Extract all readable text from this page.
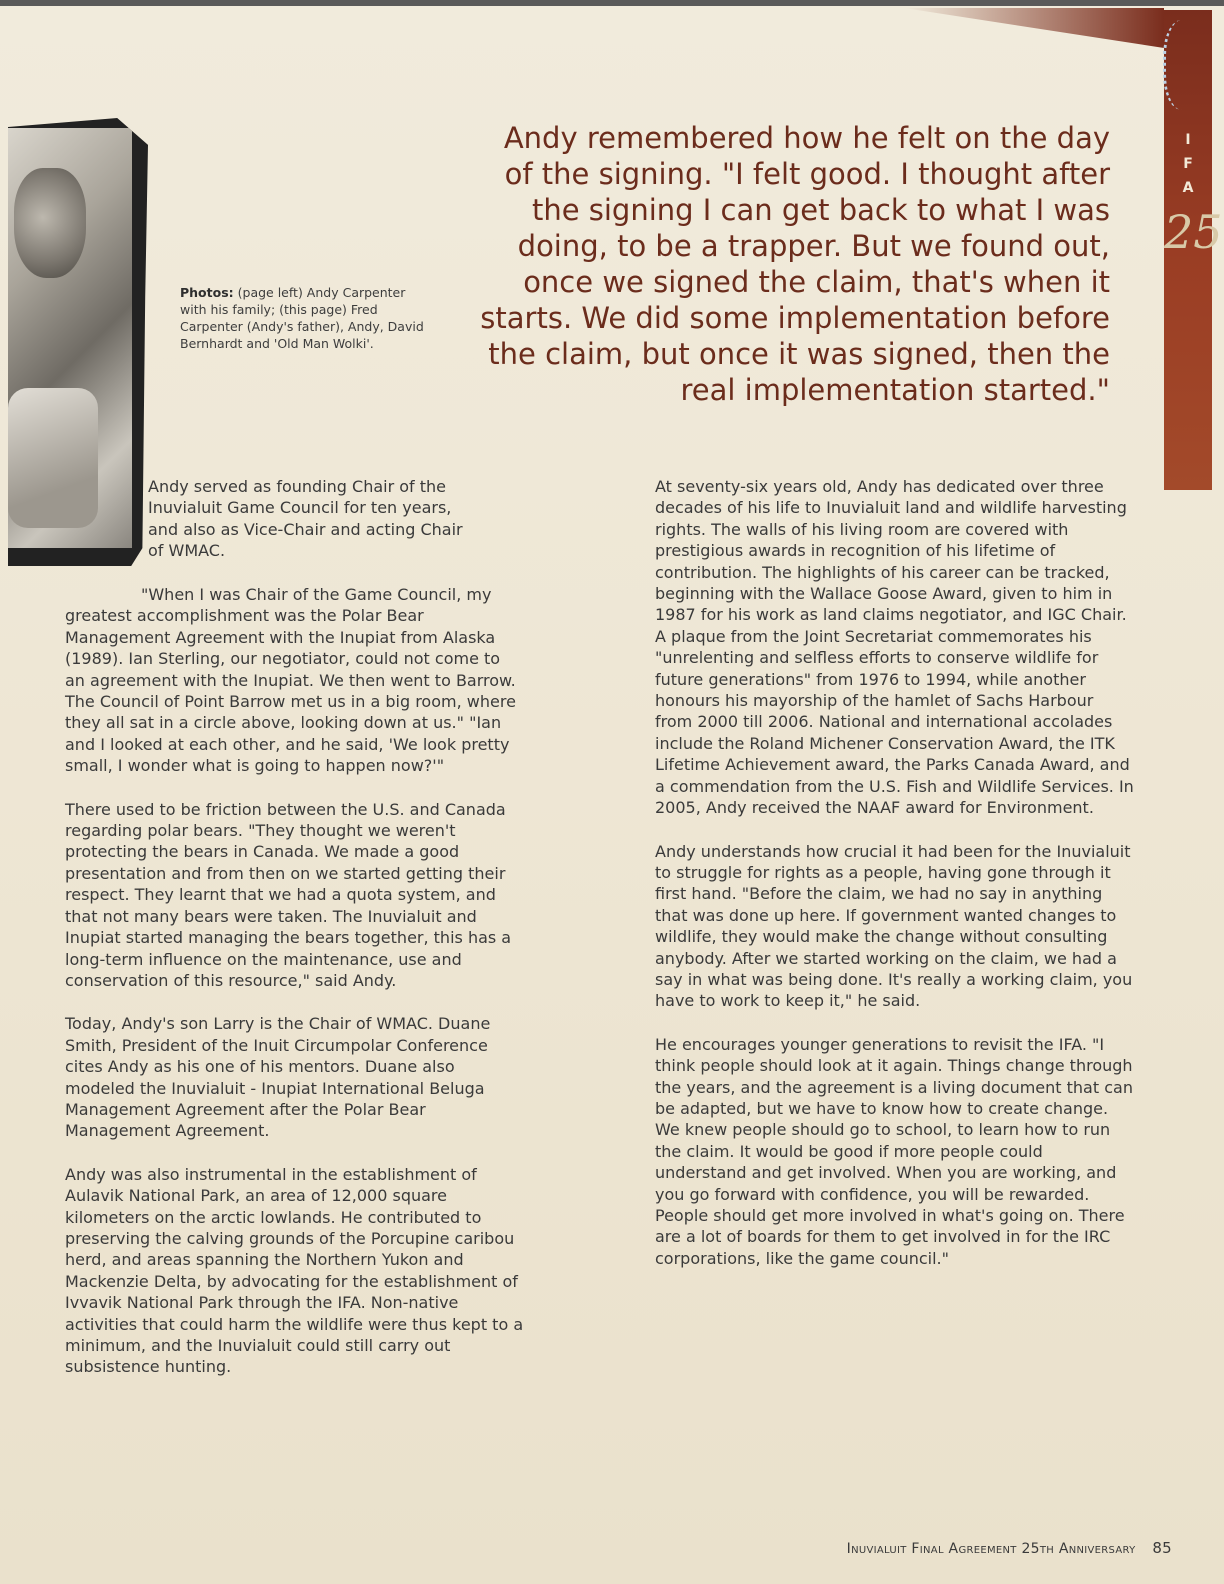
Photos: (page left) Andy Carpenter with his family; (this page) Fred Carpenter (Andy's father), Andy, David Bernhardt and 'Old Man Wolki'.
Andy remembered how he felt on the day of the signing. "I felt good. I thought after the signing I can get back to what I was doing, to be a trapper. But we found out, once we signed the claim, that's when it starts. We did some implementation before the claim, but once it was signed, then the real implementation started."
I
F
A
25

Andy served as founding Chair of the Inuvialuit Game Council for ten years, and also as Vice-Chair and acting Chair of WMAC.

"When I was Chair of the Game Council, my greatest accomplishment was the Polar Bear Management Agreement with the Inupiat from Alaska (1989). Ian Sterling, our negotiator, could not come to an agreement with the Inupiat. We then went to Barrow. The Council of Point Barrow met us in a big room, where they all sat in a circle above, looking down at us." "Ian and I looked at each other, and he said, 'We look pretty small, I wonder what is going to happen now?'"

There used to be friction between the U.S. and Canada regarding polar bears. "They thought we weren't protecting the bears in Canada. We made a good presentation and from then on we started getting their respect. They learnt that we had a quota system, and that not many bears were taken. The Inuvialuit and Inupiat started managing the bears together, this has a long-term influence on the maintenance, use and conservation of this resource," said Andy.

Today, Andy's son Larry is the Chair of WMAC. Duane Smith, President of the Inuit Circumpolar Conference cites Andy as his one of his mentors. Duane also modeled the Inuvialuit - Inupiat International Beluga Management Agreement after the Polar Bear Management Agreement.

Andy was also instrumental in the establishment of Aulavik National Park, an area of 12,000 square kilometers on the arctic lowlands. He contributed to preserving the calving grounds of the Porcupine caribou herd, and areas spanning the Northern Yukon and Mackenzie Delta, by advocating for the establishment of Ivvavik National Park through the IFA. Non-native activities that could harm the wildlife were thus kept to a minimum, and the Inuvialuit could still carry out subsistence hunting.

At seventy-six years old, Andy has dedicated over three decades of his life to Inuvialuit land and wildlife harvesting rights. The walls of his living room are covered with prestigious awards in recognition of his lifetime of contribution. The highlights of his career can be tracked, beginning with the Wallace Goose Award, given to him in 1987 for his work as land claims negotiator, and IGC Chair. A plaque from the Joint Secretariat commemorates his "unrelenting and selfless efforts to conserve wildlife for future generations" from 1976 to 1994, while another honours his mayorship of the hamlet of Sachs Harbour from 2000 till 2006. National and international accolades include the Roland Michener Conservation Award, the ITK Lifetime Achievement award, the Parks Canada Award, and a commendation from the U.S. Fish and Wildlife Services. In 2005, Andy received the NAAF award for Environment.

Andy understands how crucial it had been for the Inuvialuit to struggle for rights as a people, having gone through it first hand. "Before the claim, we had no say in anything that was done up here. If government wanted changes to wildlife, they would make the change without consulting anybody. After we started working on the claim, we had a say in what was being done. It's really a working claim, you have to work to keep it," he said.

He encourages younger generations to revisit the IFA. "I think people should look at it again. Things change through the years, and the agreement is a living document that can be adapted, but we have to know how to create change. We knew people should go to school, to learn how to run the claim. It would be good if more people could understand and get involved. When you are working, and you go forward with confidence, you will be rewarded. People should get more involved in what's going on. There are a lot of boards for them to get involved in for the IRC corporations, like the game council."

Inuvialuit Final Agreement 25th Anniversary 85
